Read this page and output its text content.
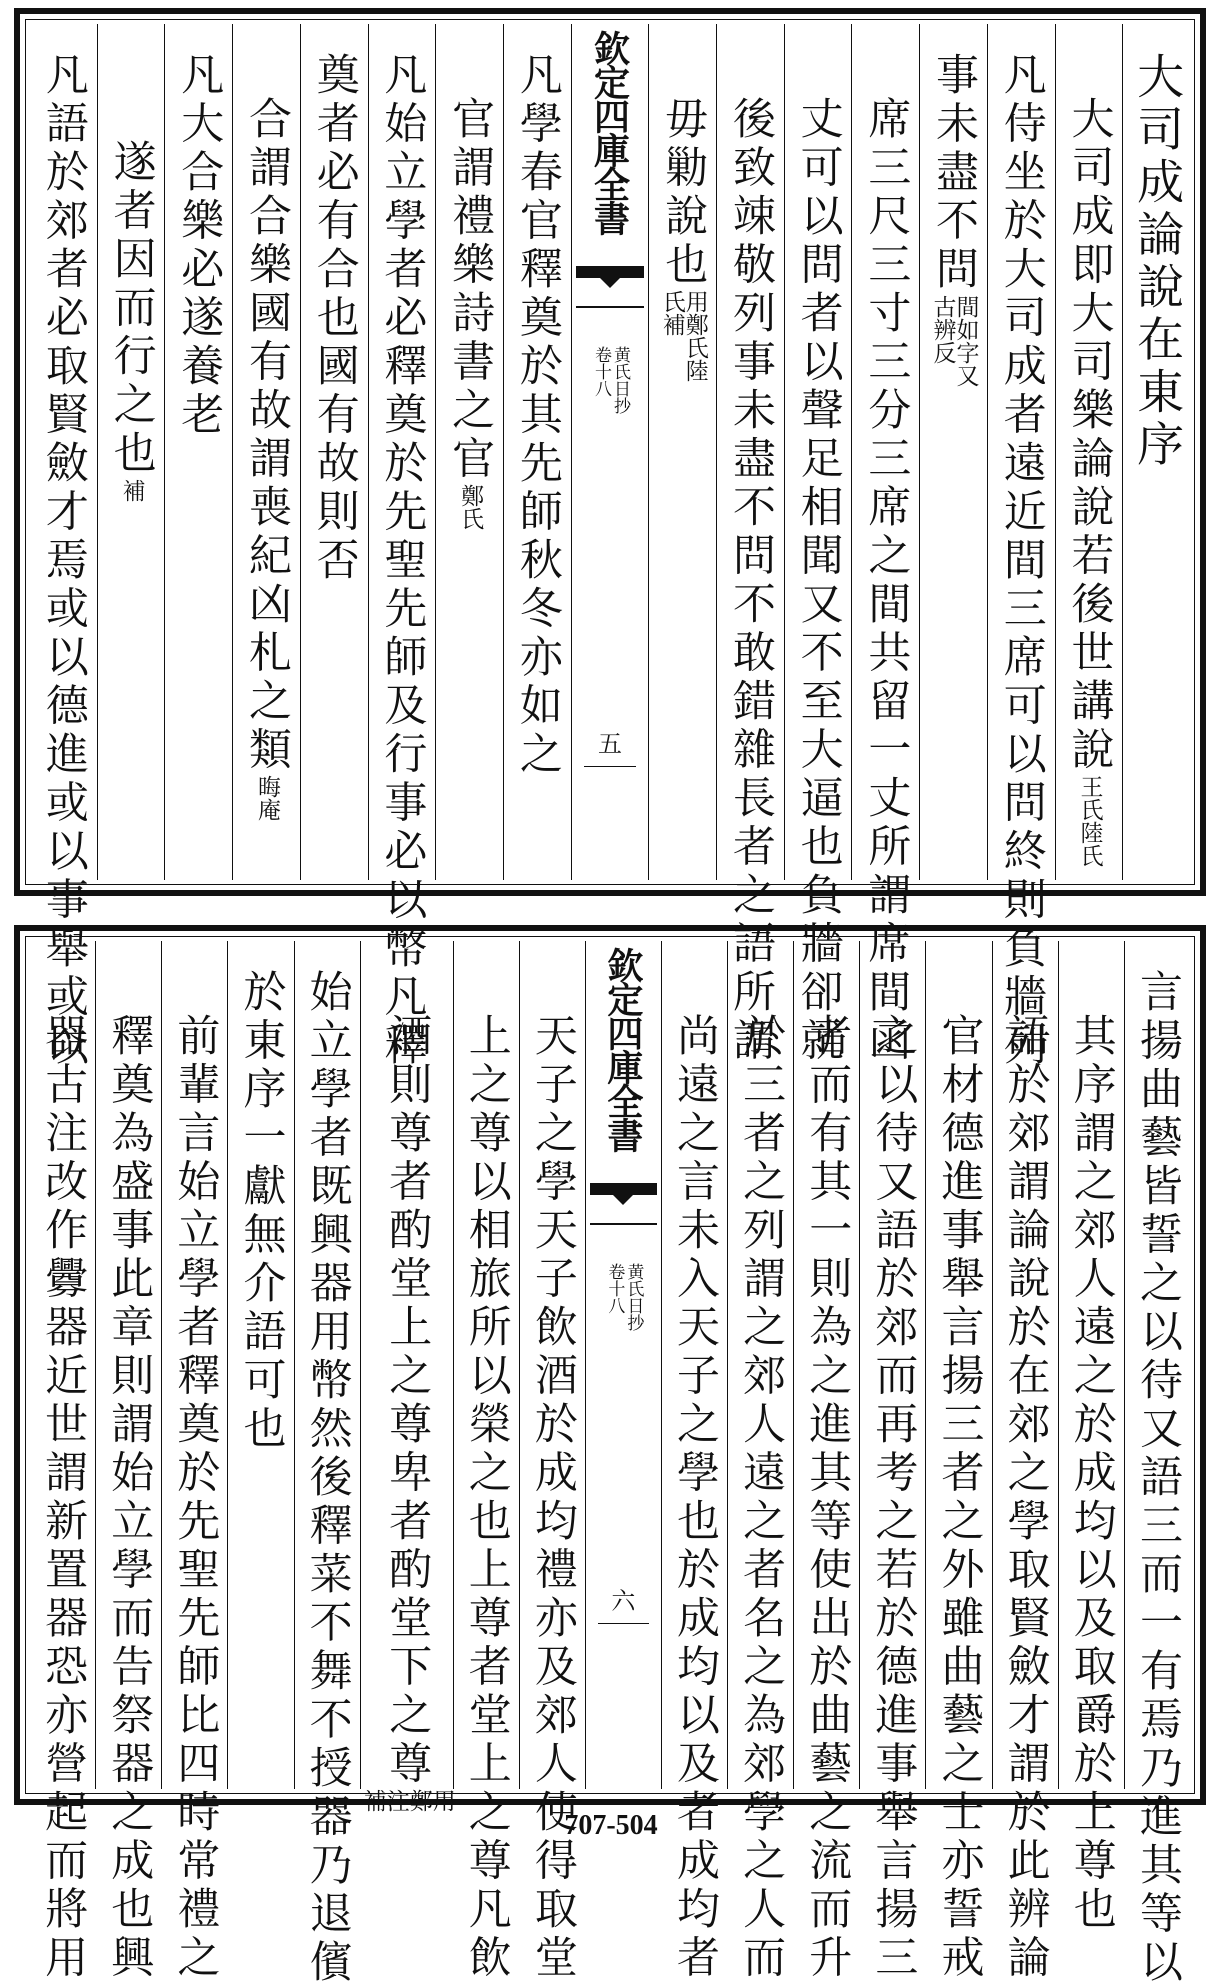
大司成論說在東序
大司成即大司樂論說若後世講說
王氏陸氏
凡侍坐於大司成者遠近間三席可以問終則負牆列
事未盡不問
間如字又古辨反
席三尺三寸三分三席之間共留一丈所謂席間函
丈可以問者以聲足相聞又不至大逼也負牆卻就
後致竦敬列事未盡不問不敢錯雜長者之語所謂
毋勦說也
用鄭氏陸氏補
欽定四庫全書
黄氏日抄
卷十八
五
凡學春官釋奠於其先師秋冬亦如之
官謂禮樂詩書之官
鄭氏
凡始立學者必釋奠於先聖先師及行事必以幣凡釋
奠者必有合也國有故則否
合謂合樂國有故謂喪紀凶札之類
晦庵
凡大合樂必遂養老
遂者因而行之也
補
凡語於郊者必取賢斂才焉或以德進或以事舉或以
言揚曲藝皆誓之以待又語三而一有焉乃進其等以
其序謂之郊人遠之於成均以及取爵於上尊也
語於郊謂論說於在郊之學取賢斂才謂於此辨論
官材德進事舉言揚三者之外雖曲藝之士亦誓戒
之以待又語於郊而再考之若於德進事舉言揚三
者而有其一則為之進其等使出於曲藝之流而升
於三者之列謂之郊人遠之者名之為郊學之人而
尚遠之言未入天子之學也於成均以及者成均者
欽定四庫全書
黄氏日抄
卷十八
六
天子之學天子飲酒於成均禮亦及郊人使得取堂
上之尊以相旅所以榮之也上尊者堂上之尊凡飲
酒則尊者酌堂上之尊卑者酌堂下之尊
用鄭注補
始立學者既興器用幣然後釋菜不舞不授器乃退儐
於東序一獻無介語可也
前輩言始立學者釋奠於先聖先師比四時常禮之
釋奠為盛事此章則謂始立學而告祭器之成也興
器古注改作釁器近世謂新置器恐亦營起而將用	707-504
